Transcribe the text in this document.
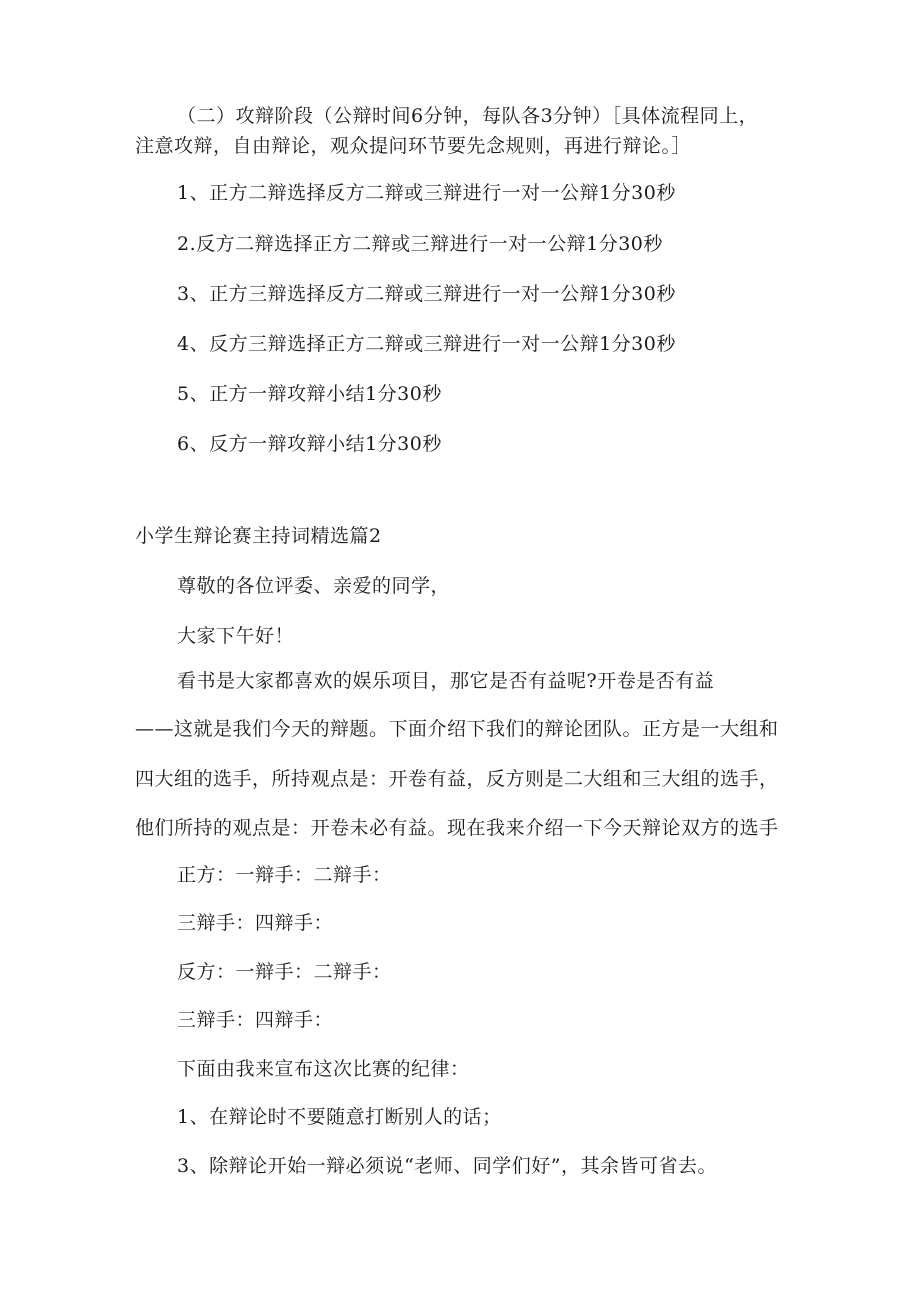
（二）攻辩阶段（公辩时间6分钟，每队各3分钟）［具体流程同上，
注意攻辩，自由辩论，观众提问环节要先念规则，再进行辩论。］
1、正方二辩选择反方二辩或三辩进行一对一公辩1分30秒
2.反方二辩选择正方二辩或三辩进行一对一公辩1分30秒
3、正方三辩选择反方二辩或三辩进行一对一公辩1分30秒
4、反方三辩选择正方二辩或三辩进行一对一公辩1分30秒
5、正方一辩攻辩小结1分30秒
6、反方一辩攻辩小结1分30秒
小学生辩论赛主持词精选篇2
尊敬的各位评委、亲爱的同学，
大家下午好！
看书是大家都喜欢的娱乐项目，那它是否有益呢?开卷是否有益
——这就是我们今天的辩题。下面介绍下我们的辩论团队。正方是一大组和
四大组的选手，所持观点是：开卷有益，反方则是二大组和三大组的选手，
他们所持的观点是：开卷未必有益。现在我来介绍一下今天辩论双方的选手
正方：一辩手：二辩手：
三辩手：四辩手：
反方：一辩手：二辩手：
三辩手：四辩手：
下面由我来宣布这次比赛的纪律：
1、在辩论时不要随意打断别人的话；
3、除辩论开始一辩必须说“老师、同学们好”，其余皆可省去。
